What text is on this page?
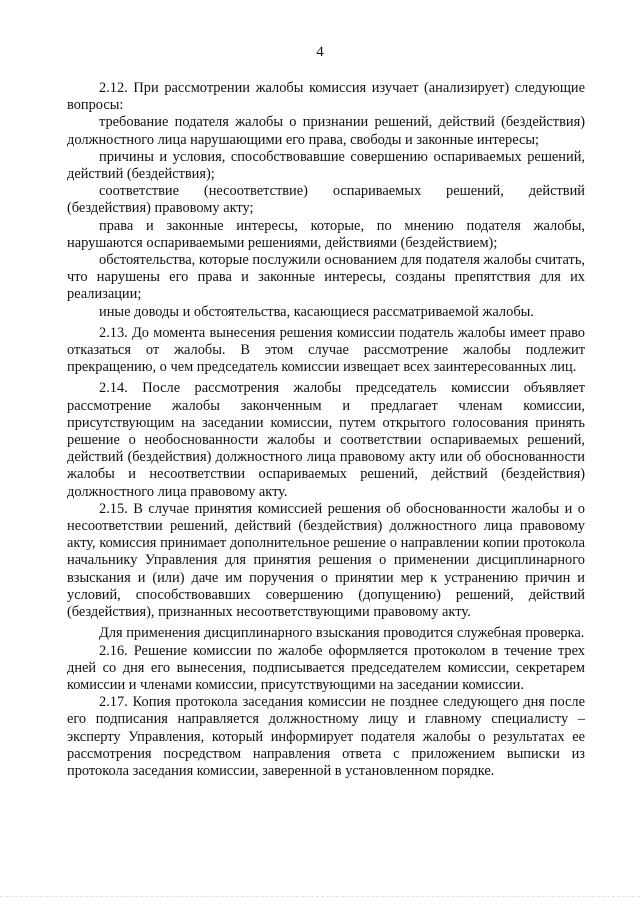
4

2.12. При рассмотрении жалобы комиссия изучает (анализирует) следующие вопросы:

требование подателя жалобы о признании решений, действий (бездействия) должностного лица нарушающими его права, свободы и законные интересы;

причины и условия, способствовавшие совершению оспариваемых решений, действий (бездействия);

соответствие (несоответствие) оспариваемых решений, действий (бездействия) правовому акту;

права и законные интересы, которые, по мнению подателя жалобы, нарушаются оспариваемыми решениями, действиями (бездействием);

обстоятельства, которые послужили основанием для подателя жалобы считать, что нарушены его права и законные интересы, созданы препятствия для их реализации;

иные доводы и обстоятельства, касающиеся рассматриваемой жалобы.

2.13. До момента вынесения решения комиссии податель жалобы имеет право отказаться от жалобы. В этом случае рассмотрение жалобы подлежит прекращению, о чем председатель комиссии извещает всех заинтересованных лиц.

2.14. После рассмотрения жалобы председатель комиссии объявляет рассмотрение жалобы законченным и предлагает членам комиссии, присутствующим на заседании комиссии, путем открытого голосования принять решение о необоснованности жалобы и соответствии оспариваемых решений, действий (бездействия) должностного лица правовому акту или об обоснованности жалобы и несоответствии оспариваемых решений, действий (бездействия) должностного лица правовому акту.

2.15. В случае принятия комиссией решения об обоснованности жалобы и о несоответствии решений, действий (бездействия) должностного лица правовому акту, комиссия принимает дополнительное решение о направлении копии протокола начальнику Управления для принятия решения о применении дисциплинарного взыскания и (или) даче им поручения о принятии мер к устранению причин и условий, способствовавших совершению (допущению) решений, действий (бездействия), признанных несоответствующими правовому акту.

Для применения дисциплинарного взыскания проводится служебная проверка.

2.16. Решение комиссии по жалобе оформляется протоколом в течение трех дней со дня его вынесения, подписывается председателем комиссии, секретарем комиссии и членами комиссии, присутствующими на заседании комиссии.

2.17. Копия протокола заседания комиссии не позднее следующего дня после его подписания направляется должностному лицу и главному специалисту – эксперту Управления, который информирует подателя жалобы о результатах ее рассмотрения посредством направления ответа с приложением выписки из протокола заседания комиссии, заверенной в установленном порядке.
